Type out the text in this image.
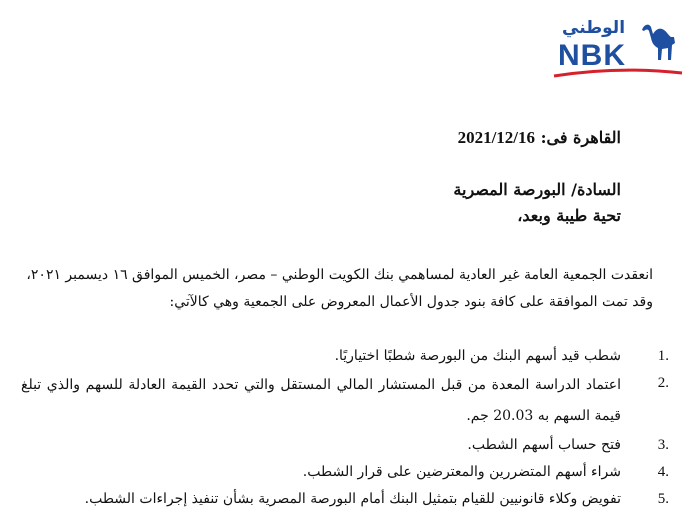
الوطني
NBK
القاهرة فى: 2021/12/16
السادة/ البورصة المصرية
تحية طيبة وبعد،
انعقدت الجمعية العامة غير العادية لمساهمي بنك الكويت الوطني – مصر، الخميس الموافق ١٦ ديسمبر ٢٠٢١، وقد تمت الموافقة على كافة بنود جدول الأعمال المعروض على الجمعية وهي كالآتي:
1.
شطب قيد أسهم البنك من البورصة شطبًا اختياريًا.
2.
اعتماد الدراسة المعدة من قبل المستشار المالي المستقل والتي تحدد القيمة العادلة للسهم والذي تبلغ قيمة السهم به 20.03 جم.
3.
فتح حساب أسهم الشطب.
4.
شراء أسهم المتضررين والمعترضين على قرار الشطب.
5.
تفويض وكلاء قانونيين للقيام بتمثيل البنك أمام البورصة المصرية بشأن تنفيذ إجراءات الشطب.
